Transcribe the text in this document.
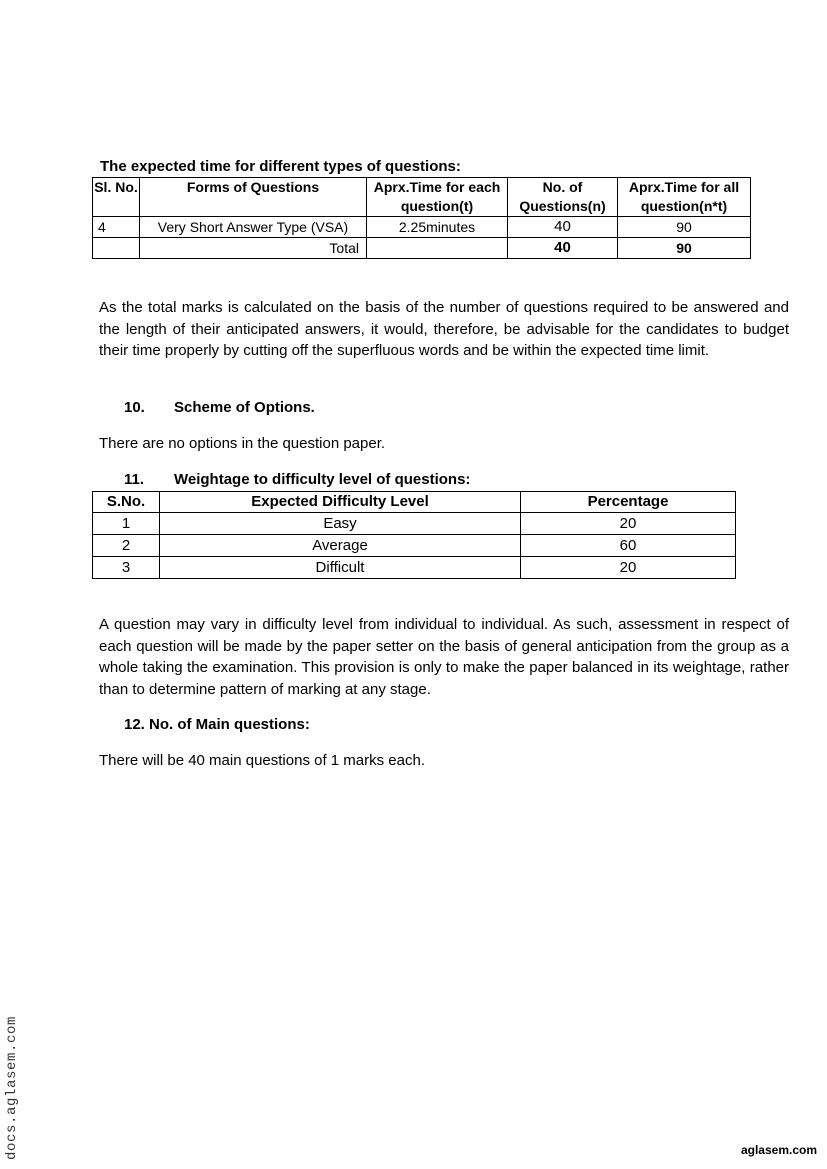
The expected time for different types of questions:
Sl. No.	Forms of Questions	Aprx.Time for each question(t)	No. of Questions(n)	Aprx.Time for all question(n*t)
4	Very Short Answer Type (VSA)	2.25minutes	40	90
	Total		40	90
As the total marks is calculated on the basis of the number of questions required to be answered and the length of their anticipated answers, it would, therefore, be advisable for the candidates to budget their time properly by cutting off the superfluous words and be within the expected time limit.
10. Scheme of Options.
There are no options in the question paper.
11. Weightage to difficulty level of questions:
S.No.	Expected Difficulty Level	Percentage
1	Easy	20
2	Average	60
3	Difficult	20
A question may vary in difficulty level from individual to individual. As such, assessment in respect of each question will be made by the paper setter on the basis of general anticipation from the group as a whole taking the examination. This provision is only to make the paper balanced in its weightage, rather than to determine pattern of marking at any stage.
12. No. of Main questions:
There will be 40 main questions of 1 marks each.
docs.aglasem.com	aglasem.com
